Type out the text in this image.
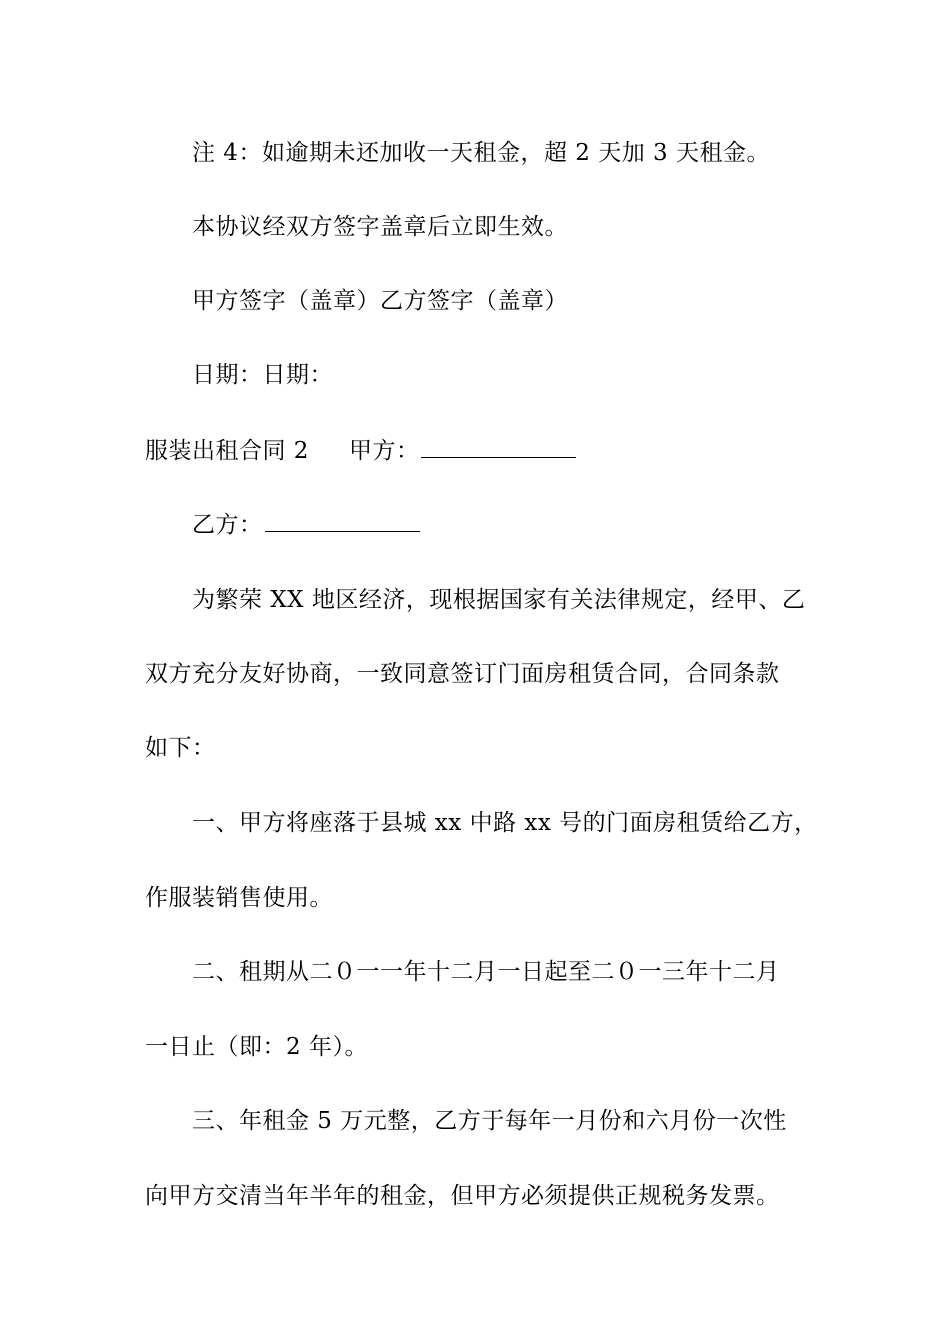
注 4：如逾期未还加收一天租金，超 2 天加 3 天租金。
本协议经双方签字盖章后立即生效。
甲方签字（盖章）乙方签字（盖章）
日期：日期：
服装出租合同 2 甲方：
乙方：
为繁荣 XX 地区经济，现根据国家有关法律规定，经甲、乙
双方充分友好协商，一致同意签订门面房租赁合同，合同条款
如下：
一、甲方将座落于县城 xx 中路 xx 号的门面房租赁给乙方，
作服装销售使用。
二、租期从二０一一年十二月一日起至二０一三年十二月
一日止（即：2 年）。
三、年租金 5 万元整，乙方于每年一月份和六月份一次性
向甲方交清当年半年的租金，但甲方必须提供正规税务发票。
